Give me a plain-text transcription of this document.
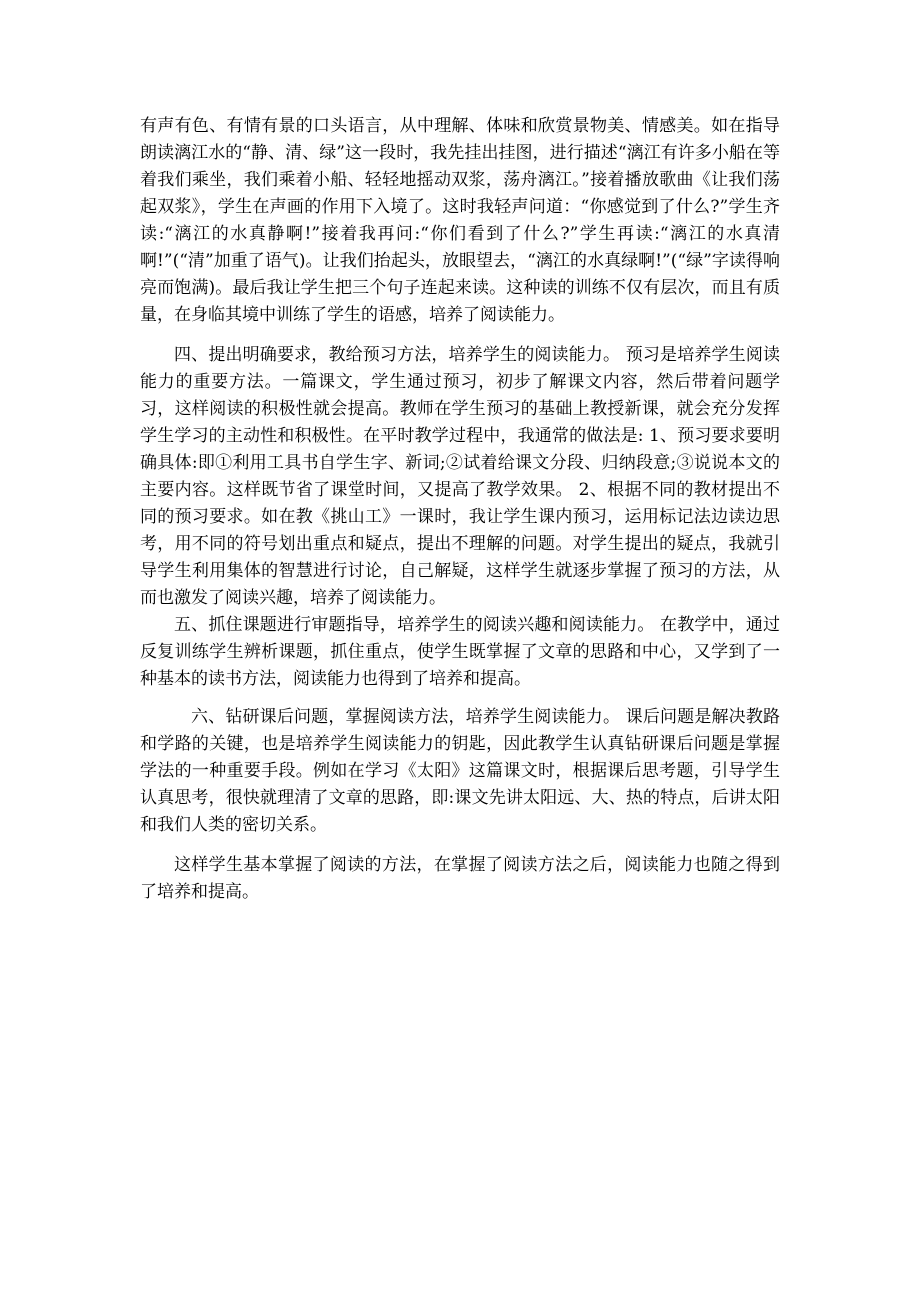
有声有色、有情有景的口头语言，从中理解、体味和欣赏景物美、情感美。如在指导朗读漓江水的“静、清、绿”这一段时，我先挂出挂图，进行描述“漓江有许多小船在等着我们乘坐，我们乘着小船、轻轻地摇动双浆，荡舟漓江。”接着播放歌曲《让我们荡起双浆》，学生在声画的作用下入境了。这时我轻声问道：“你感觉到了什么?”学生齐读:“漓江的水真静啊!”接着我再问:“你们看到了什么?”学生再读:“漓江的水真清啊!”(“清”加重了语气)。让我们抬起头，放眼望去，“漓江的水真绿啊!”(“绿”字读得响亮而饱满)。最后我让学生把三个句子连起来读。这种读的训练不仅有层次，而且有质量，在身临其境中训练了学生的语感，培养了阅读能力。

四、提出明确要求，教给预习方法，培养学生的阅读能力。 预习是培养学生阅读能力的重要方法。一篇课文，学生通过预习，初步了解课文内容，然后带着问题学习，这样阅读的积极性就会提高。教师在学生预习的基础上教授新课，就会充分发挥学生学习的主动性和积极性。在平时教学过程中，我通常的做法是: 1、预习要求要明确具体:即①利用工具书自学生字、新词;②试着给课文分段、归纳段意;③说说本文的主要内容。这样既节省了课堂时间，又提高了教学效果。 2、根据不同的教材提出不同的预习要求。如在教《挑山工》一课时，我让学生课内预习，运用标记法边读边思考，用不同的符号划出重点和疑点，提出不理解的问题。对学生提出的疑点，我就引导学生利用集体的智慧进行讨论，自己解疑，这样学生就逐步掌握了预习的方法，从而也激发了阅读兴趣，培养了阅读能力。

五、抓住课题进行审题指导，培养学生的阅读兴趣和阅读能力。 在教学中，通过反复训练学生辨析课题，抓住重点，使学生既掌握了文章的思路和中心，又学到了一种基本的读书方法，阅读能力也得到了培养和提高。

六、钻研课后问题，掌握阅读方法，培养学生阅读能力。 课后问题是解决教路和学路的关键，也是培养学生阅读能力的钥匙，因此教学生认真钻研课后问题是掌握学法的一种重要手段。例如在学习《太阳》这篇课文时，根据课后思考题，引导学生认真思考，很快就理清了文章的思路，即:课文先讲太阳远、大、热的特点，后讲太阳和我们人类的密切关系。

这样学生基本掌握了阅读的方法，在掌握了阅读方法之后，阅读能力也随之得到了培养和提高。
